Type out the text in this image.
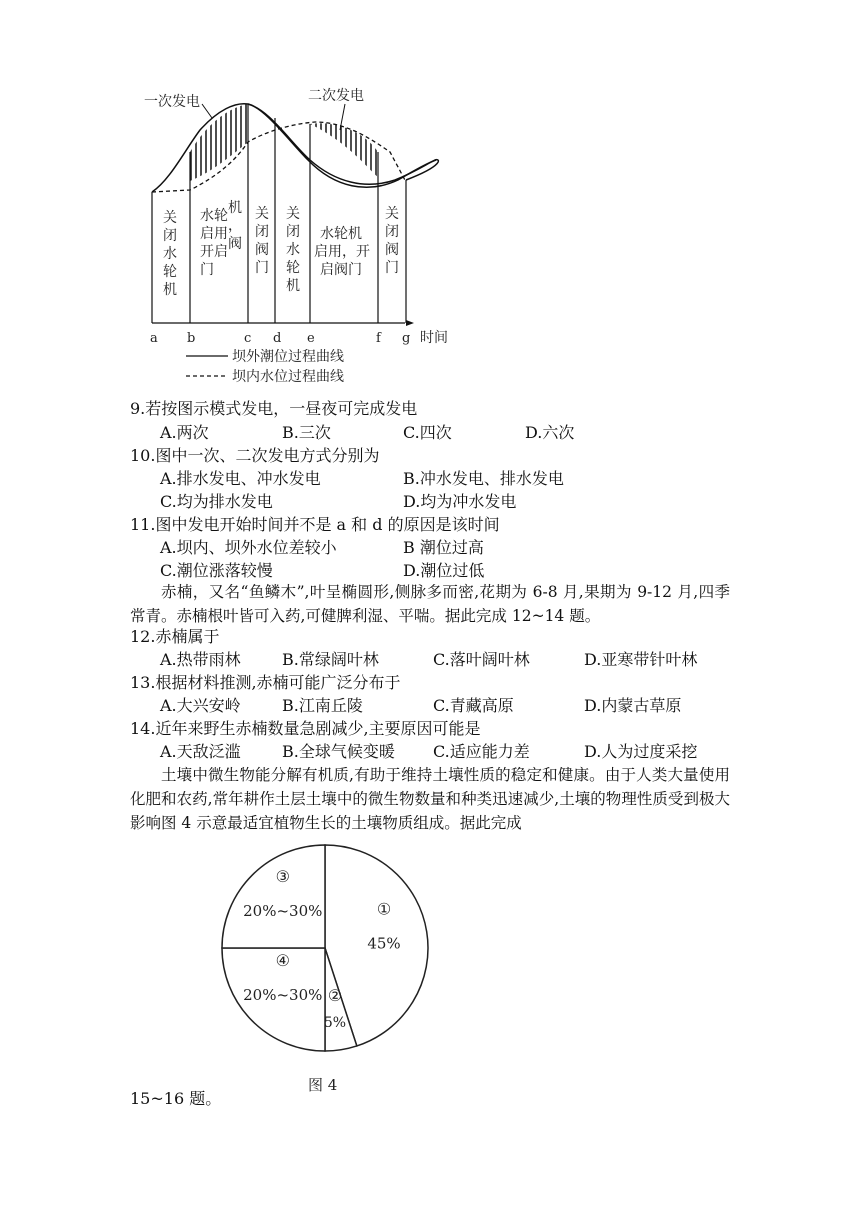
一次发电	二次发电
关
闭
水
轮
机
水
启
开
门
轮
用
启
机
，
阀
关
闭
阀
门
关
闭
水
轮
机
水轮机
启用，开
启阀门
关
闭
阀
门
a b	c d e	f g 时间
坝外潮位过程曲线
坝内水位过程曲线
9.若按图示模式发电，一昼夜可完成发电
A.两次	B.三次	C.四次	D.六次
10.图中一次、二次发电方式分别为
A.排水发电、冲水发电	B.冲水发电、排水发电
C.均为排水发电	D.均为冲水发电
11.图中发电开始时间并不是 a 和 d 的原因是该时间
A.坝内、坝外水位差较小	B 潮位过高
C.潮位涨落较慢	D.潮位过低
赤楠，又名“鱼鳞木”,叶呈椭圆形,侧脉多而密,花期为 6-8 月,果期为 9-12 月,四季常青。赤楠根叶皆可入药,可健脾利湿、平喘。据此完成 12~14 题。
12.赤楠属于
A.热带雨林	B.常绿阔叶林	C.落叶阔叶林	D.亚寒带针叶林
13.根据材料推测,赤楠可能广泛分布于
A.大兴安岭	B.江南丘陵	C.青藏高原	D.内蒙古草原
14.近年来野生赤楠数量急剧减少,主要原因可能是
A.天敌泛滥	B.全球气候变暖 C.适应能力差	D.人为过度采挖
土壤中微生物能分解有机质,有助于维持土壤性质的稳定和健康。由于人类大量使用化肥和农药,常年耕作土层土壤中的微生物数量和种类迅速减少,土壤的物理性质受到极大影响图 4 示意最适宜植物生长的土壤物质组成。据此完成
①
45%
②
5%
④
20%~30%
③
20%~30%
图 4
15~16 题。
